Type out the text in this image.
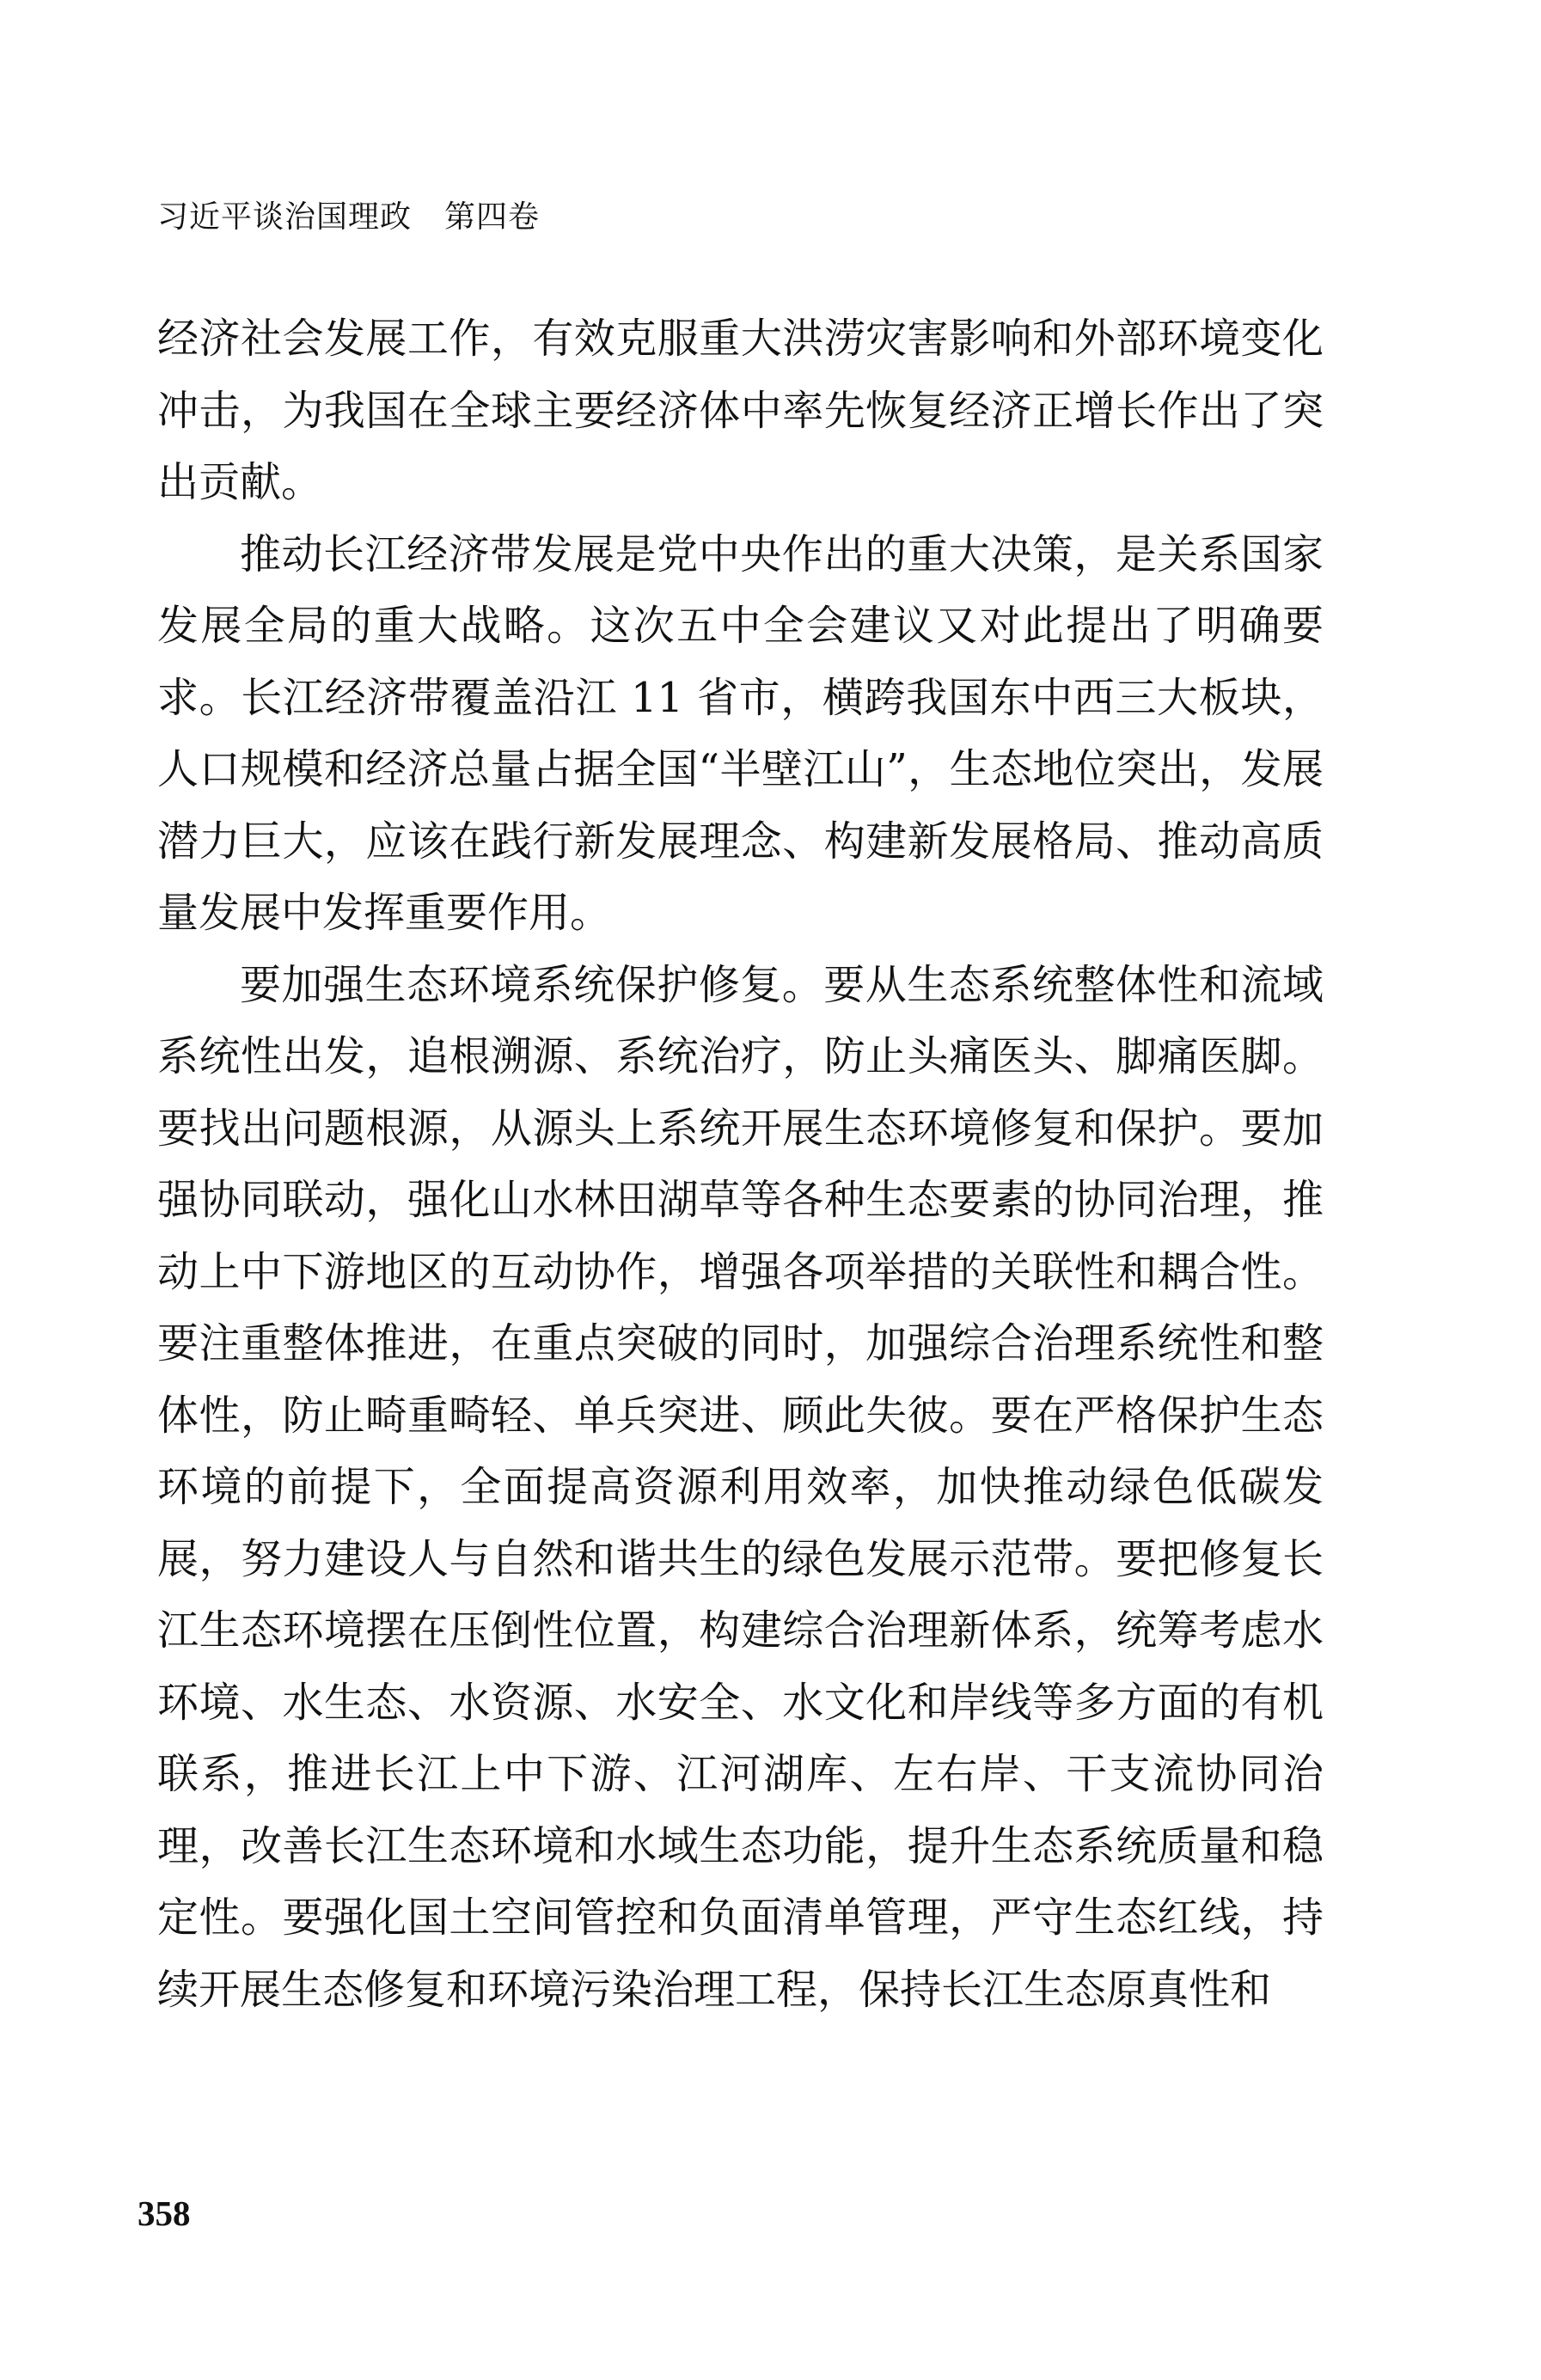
习近平谈治国理政 第四卷

经济社会发展工作，有效克服重大洪涝灾害影响和外部环境变化冲击，为我国在全球主要经济体中率先恢复经济正增长作出了突出贡献。

推动长江经济带发展是党中央作出的重大决策，是关系国家发展全局的重大战略。这次五中全会建议又对此提出了明确要求。长江经济带覆盖沿江 11 省市，横跨我国东中西三大板块，人口规模和经济总量占据全国“半壁江山”，生态地位突出，发展潜力巨大，应该在践行新发展理念、构建新发展格局、推动高质量发展中发挥重要作用。

要加强生态环境系统保护修复。要从生态系统整体性和流域系统性出发，追根溯源、系统治疗，防止头痛医头、脚痛医脚。要找出问题根源，从源头上系统开展生态环境修复和保护。要加强协同联动，强化山水林田湖草等各种生态要素的协同治理，推动上中下游地区的互动协作，增强各项举措的关联性和耦合性。要注重整体推进，在重点突破的同时，加强综合治理系统性和整体性，防止畸重畸轻、单兵突进、顾此失彼。要在严格保护生态环境的前提下，全面提高资源利用效率，加快推动绿色低碳发展，努力建设人与自然和谐共生的绿色发展示范带。要把修复长江生态环境摆在压倒性位置，构建综合治理新体系，统筹考虑水环境、水生态、水资源、水安全、水文化和岸线等多方面的有机联系，推进长江上中下游、江河湖库、左右岸、干支流协同治理，改善长江生态环境和水域生态功能，提升生态系统质量和稳定性。要强化国土空间管控和负面清单管理，严守生态红线，持续开展生态修复和环境污染治理工程，保持长江生态原真性和

358
